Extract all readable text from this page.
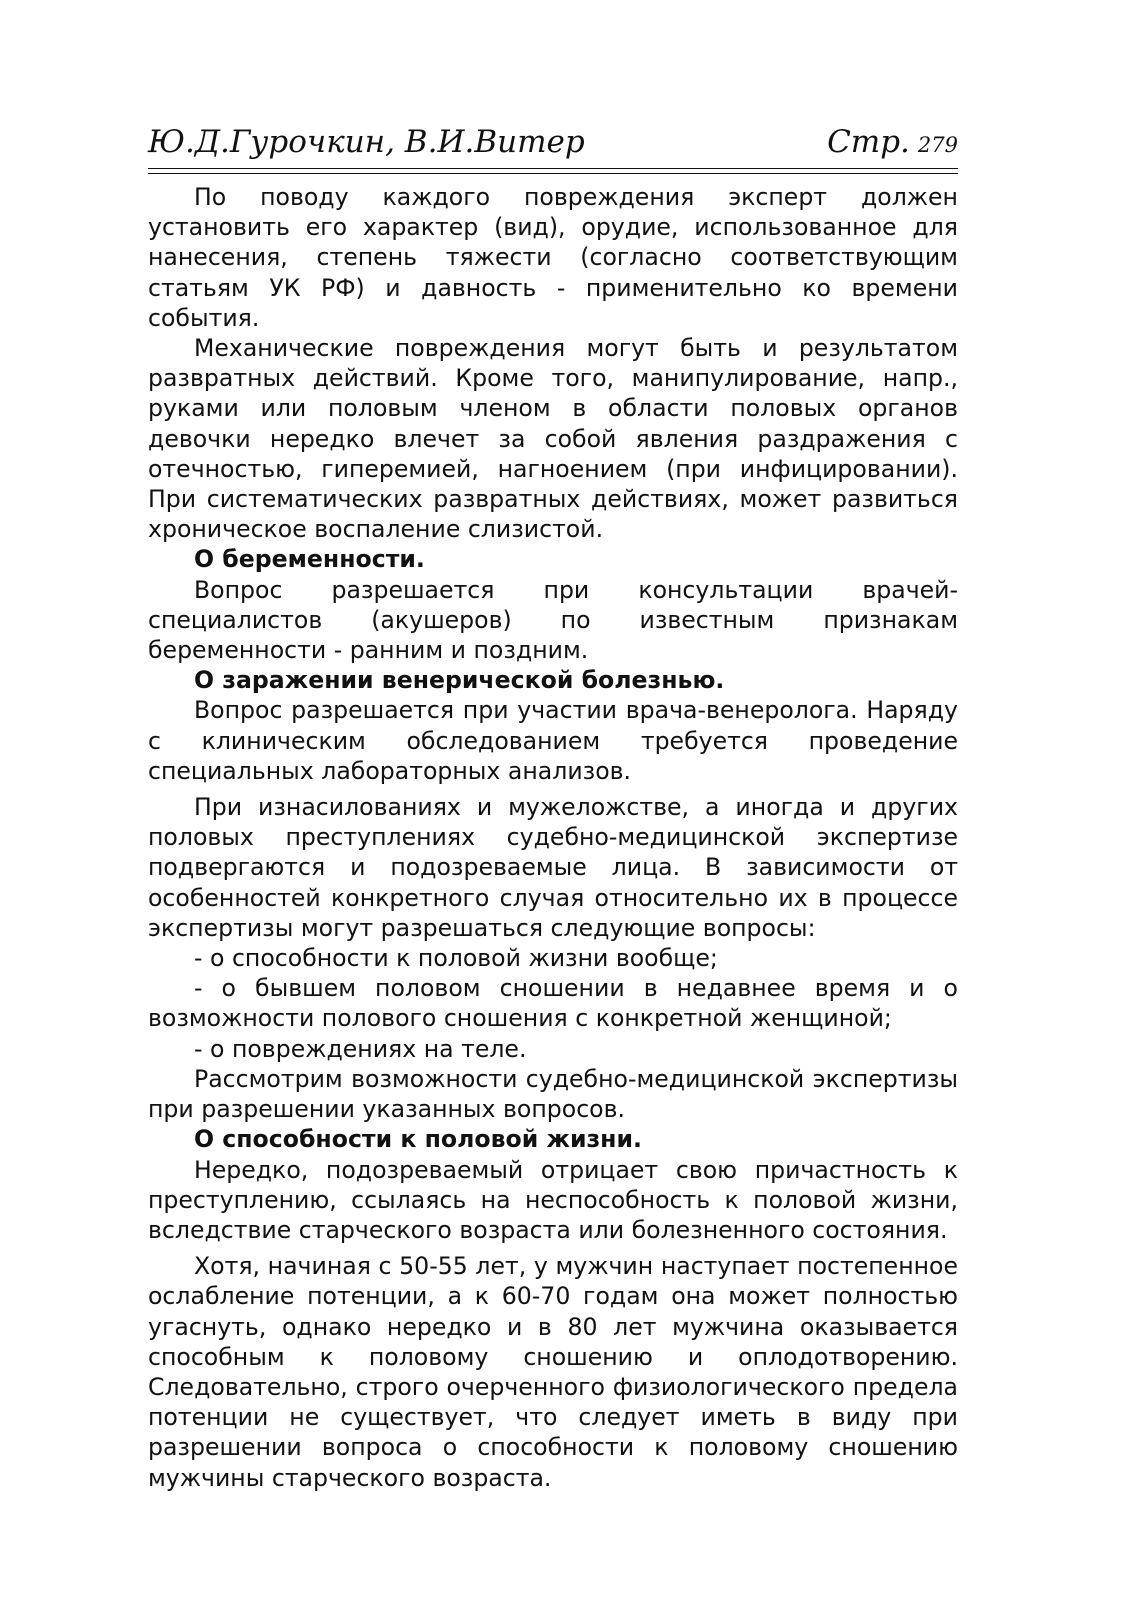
Ю.Д.Гурочкин, В.И.Витер	Стр. 279

По поводу каждого повреждения эксперт должен установить его характер (вид), орудие, использованное для нанесения, степень тяжести (согласно соответствующим статьям УК РФ) и давность - применительно ко времени события.

Механические повреждения могут быть и результатом развратных действий. Кроме того, манипулирование, напр., руками или половым членом в области половых органов девочки нередко влечет за собой явления раздражения с отечностью, гиперемией, нагноением (при инфицировании). При систематических развратных действиях, может развиться хроническое воспаление слизистой.

О беременности.

Вопрос разрешается при консультации врачей-специалистов (акушеров) по известным признакам беременности - ранним и поздним.

О заражении венерической болезнью.

Вопрос разрешается при участии врача-венеролога. Наряду с клиническим обследованием требуется проведение специальных лабораторных анализов.

При изнасилованиях и мужеложстве, а иногда и других половых преступлениях судебно-медицинской экспертизе подвергаются и подозреваемые лица. В зависимости от особенностей конкретного случая относительно их в процессе экспертизы могут разрешаться следующие вопросы:

- о способности к половой жизни вообще;

- о бывшем половом сношении в недавнее время и о возможности полового сношения с конкретной женщиной;

- о повреждениях на теле.

Рассмотрим возможности судебно-медицинской экспертизы при разрешении указанных вопросов.

О способности к половой жизни.

Нередко, подозреваемый отрицает свою причастность к преступлению, ссылаясь на неспособность к половой жизни, вследствие старческого возраста или болезненного состояния.

Хотя, начиная с 50-55 лет, у мужчин наступает постепенное ослабление потенции, а к 60-70 годам она может полностью угаснуть, однако нередко и в 80 лет мужчина оказывается способным к половому сношению и оплодотворению. Следовательно, строго очерченного физиологического предела потенции не существует, что следует иметь в виду при разрешении вопроса о способности к половому сношению мужчины старческого возраста.
